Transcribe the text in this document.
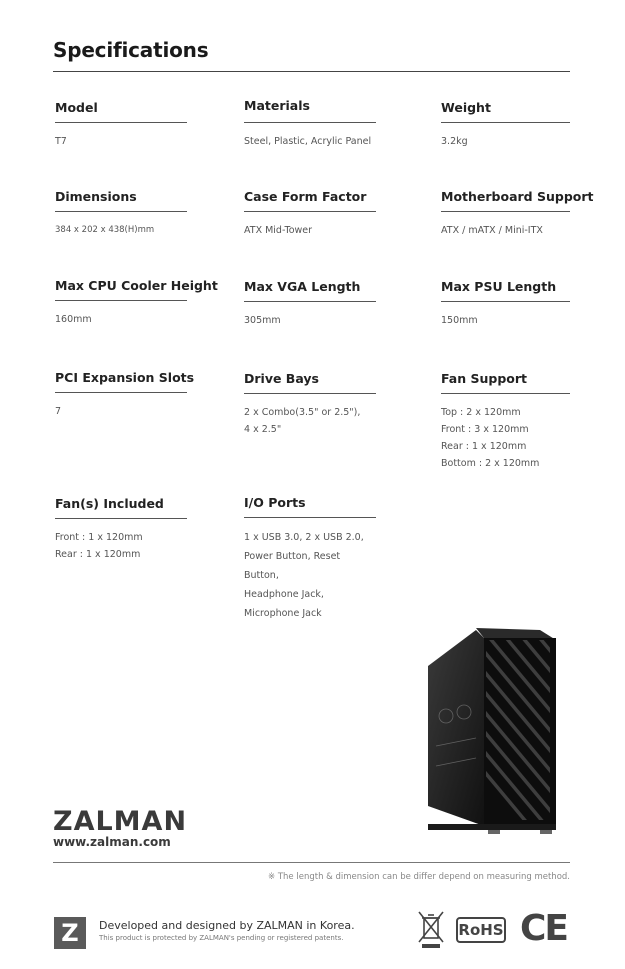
Specifications
Model
T7
Materials
Steel, Plastic, Acrylic Panel
Weight
3.2kg
Dimensions
384 x 202 x 438(H)mm
Case Form Factor
ATX Mid-Tower
Motherboard Support
ATX / mATX / Mini-ITX
Max CPU Cooler Height
160mm
Max VGA Length
305mm
Max PSU Length
150mm
PCI Expansion Slots
7
Drive Bays
2 x Combo(3.5" or 2.5"),
4 x 2.5"
Fan Support
Top : 2 x 120mm
Front : 3 x 120mm
Rear : 1 x 120mm
Bottom : 2 x 120mm
Fan(s) Included
Front : 1 x 120mm
Rear : 1 x 120mm
I/O Ports
1 x USB 3.0, 2 x USB 2.0,
Power Button, Reset Button,
Headphone Jack, Microphone Jack
ZALMAN
www.zalman.com
※ The length & dimension can be differ depend on measuring method.
Z	Developed and designed by ZALMAN in Korea.
This product is protected by ZALMAN's pending or registered patents.	RoHS CE
